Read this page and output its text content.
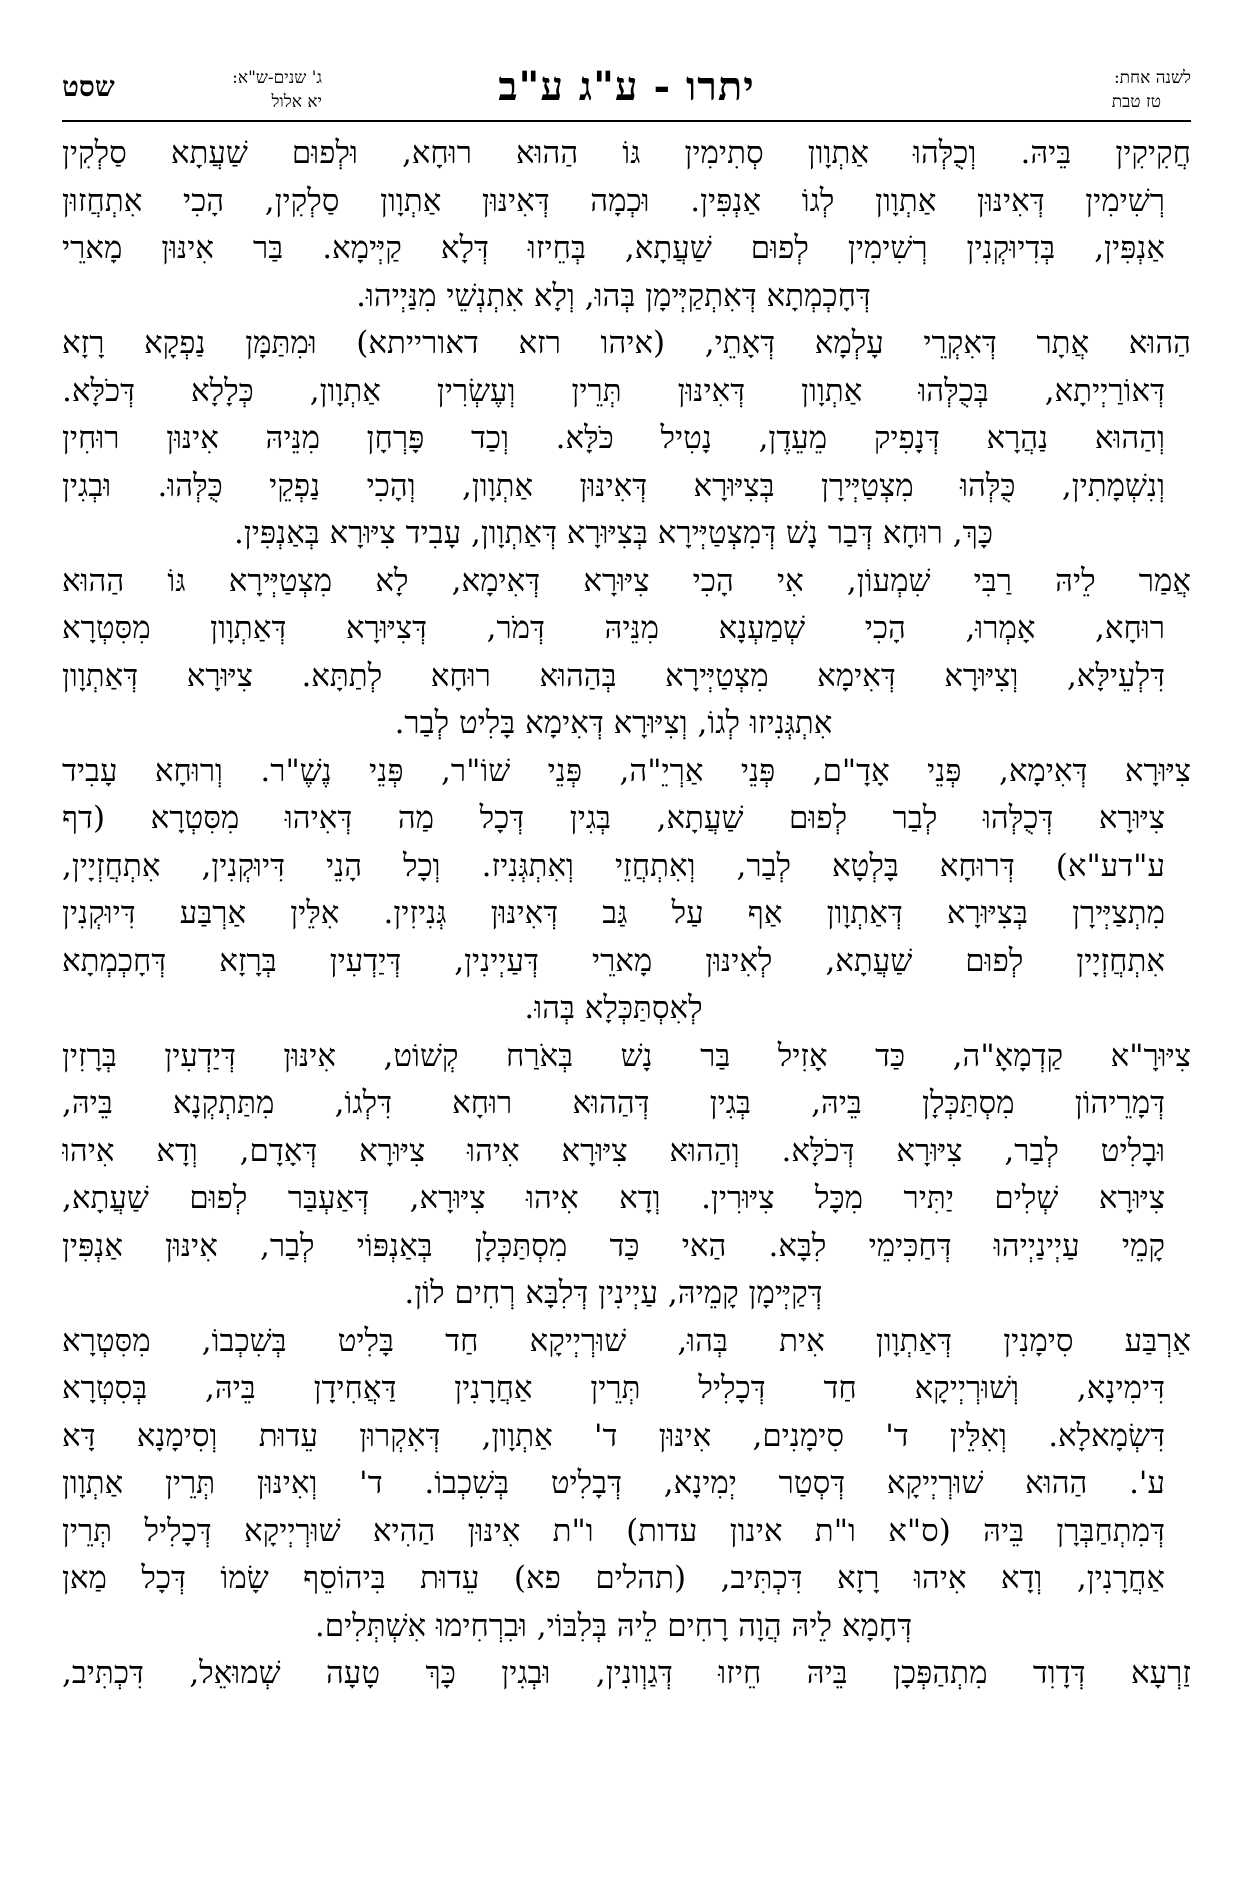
לשנה אחת:
טז טבת
יתרו - ע"ג ע"ב
ג' שנים-ש"א:
יא אלול
שסט
חֲקִיקִין בֵּיהּ. וְכֻלְּהוּ אַתְוָון סְתִימִין גּוֹ הַהוּא רוּחָא, וּלְפוּם שַׁעֲתָא סַלְקִין
רְשִׁימִין דְּאִינּוּן אַתְוָון לְגוֹ אַנְפִּין. וּכְמָה דְּאִינּוּן אַתְוָון סַלְקִין, הָכִי אִתְחֲזוּן
אַנְפִּין, בְּדִיוּקְנִין רְשִׁימִין לְפוּם שַׁעֲתָא, בְּחֵיזוּ דְּלָא קַיְּימָא. בַּר אִינּוּן מָארֵי
דְּחָכְמְתָא דְּאִתְקַיְּימָן בְּהוּ, וְלָא אִתְנְשֵׁי מִנַּיְיהוּ.
הַהוּא אֲתָר דְּאִקְרֵי עָלְמָא דְּאָתֵי, (איהו רזא דאורייתא) וּמִתַּמָּן נַפְקָא רָזָא
דְּאוֹרַיְיתָא, בְּכֻלְּהוּ אַתְוָון דְּאִינּוּן תְּרֵין וְעֶשְׂרִין אַתְוָון, כְּלָלָא דְּכֹלָּא.
וְהַהוּא נַהֲרָא דְּנָפִיק מֵעֵדֶן, נָטִיל כֹּלָּא. וְכַד פָּרְחָן מִנֵּיהּ אִינּוּן רוּחִין
וְנִשְׁמָתִין, כֻּלְּהוּ מִצְטַיְּירָן בְּצִיּוּרָא דְּאִינּוּן אַתְוָון, וְהָכִי נַפְקֵי כֻּלְּהוּ. וּבְגִין
כָּךְ, רוּחָא דְּבַר נָשׁ דְּמִצְטַיְּירָא בְּצִיּוּרָא דְּאַתְוָון, עָבִיד צִיּוּרָא בְּאַנְפִּין.
אֲמַר לֵיהּ רַבִּי שִׁמְעוֹן, אִי הָכִי צִיּוּרָא דְּאִימָא, לָא מִצְטַיְּירָא גּוֹ הַהוּא
רוּחָא, אָמְרוּ, הָכִי שְׁמַעְנָא מִנֵּיהּ דְּמֹר, דְּצִיּוּרָא דְּאַתְוָון מִסִּטְרָא
דִּלְעֵילָּא, וְצִיּוּרָא דְּאִימָא מִצְטַיְּירָא בְּהַהוּא רוּחָא לְתַתָּא. צִיּוּרָא דְּאַתְוָון
אִתְגְּנִיזוּ לְגוֹ, וְצִיּוּרָא דְּאִימָא בָּלִיט לְבַר.
צִיּוּרָא דְּאִימָא, פְּנֵי אָדָ"ם, פְּנֵי אַרְיֵ"ה, פְּנֵי שׁוֹ"ר, פְּנֵי נֶשֶׁ"ר. וְרוּחָא עָבִיד
צִיּוּרָא דְּכֻלְּהוּ לְבַר לְפוּם שַׁעֲתָא, בְּגִין דְּכָל מַה דְּאִיהוּ מִסִּטְרָא (דף
ע"דע"א) דְּרוּחָא בָּלְטָא לְבַר, וְאִתְחֲזֵי וְאִתְגְּנִיז. וְכָל הָנֵי דִּיוּקְנִין, אִתְחֲזְיָין,
מִתְצַיְּירָן בְּצִיּוּרָא דְּאַתְוָון אַף עַל גַּב דְּאִינּוּן גְּנִיזִין. אִלֵּין אַרְבַּע דִּיוּקְנִין
אִתְחֲזְיָין לְפוּם שַׁעֲתָא, לְאִינּוּן מָארֵי דְּעַיְינִין, דְּיַדְעִין בְּרָזָא דְּחָכְמְתָא
לְאִסְתַּכְּלָא בְּהוּ.
צִיּוּרָ"א קַדְמָאָ"ה, כַּד אָזִיל בַּר נָשׁ בְּאֹרַח קְשׁוֹט, אִינּוּן דְּיַדְעִין בְּרָזִין
דְּמָרֵיהוֹן מִסְתַּכְּלָן בֵּיהּ, בְּגִין דְּהַהוּא רוּחָא דִּלְגוֹ, מִתַּתְקְנָא בֵּיהּ,
וּבָלִיט לְבַר, צִיּוּרָא דְּכֹלָּא. וְהַהוּא צִיּוּרָא אִיהוּ צִיּוּרָא דְּאָדָם, וְדָא אִיהוּ
צִיּוּרָא שְׁלִים יַתִּיר מִכָּל צִיּוּרִין. וְדָא אִיהוּ צִיּוּרָא, דְּאַעְבַּר לְפוּם שַׁעֲתָא,
קָמֵי עַיְינַיְיהוּ דְּחַכִּימֵי לִבָּא. הַאי כַּד מִסְתַּכְּלָן בְּאַנְפּוֹי לְבַר, אִינּוּן אַנְפִּין
דְּקַיְּימָן קָמֵיהּ, עַיְינִין דְּלִבָּא רְחִים לוֹן.
אַרְבַּע סִימָנִין דְּאַתְוָון אִית בְּהוּ, שׁוּרְיְיקָא חַד בָּלִיט בְּשִׁכְבוֹ, מִסִּטְרָא
דִּימִינָא, וְשׁוּרְיְיקָא חַד דְּכָלִיל תְּרֵין אַחֲרָנִין דַּאֲחִידָן בֵּיהּ, בְּסִטְרָא
דִּשְׂמָאלָא. וְאִלֵּין ד' סִימָנִים, אִינּוּן ד' אַתְוָון, דְּאִקְרוּן עֵדוּת וְסִימָנָא דָּא
ע'. הַהוּא שׁוּרְיְיקָא דְּסְטַר יְמִינָא, דְּבָלִיט בְּשִׁכְבוֹ. ד' וְאִינּוּן תְּרֵין אַתְוָון
דְּמִתְחַבְּרָן בֵּיהּ (ס"א ו"ת אינון עדות) ו"ת אִינּוּן הַהִיא שׁוּרְיְיקָא דְּכָלִיל תְּרֵין
אַחֲרָנִין, וְדָא אִיהוּ רָזָא דִּכְתִּיב, (תהלים פא) עֵדוּת בִּיהוֹסֵף שָׂמוֹ דְּכָל מַאן
דְּחָמָא לֵיהּ הֲוָה רָחִים לֵיהּ בְּלִבּוֹי, וּבִרְחִימוּ אִשְׁתְּלִים.
זַרְעָא דְּדָוִד מִתְהַפְּכָן בֵּיהּ חֵיזוּ דְּגַוְונִין, וּבְגִין כָּךְ טָעָה שְׁמוּאֵל, דִּכְתִּיב,
